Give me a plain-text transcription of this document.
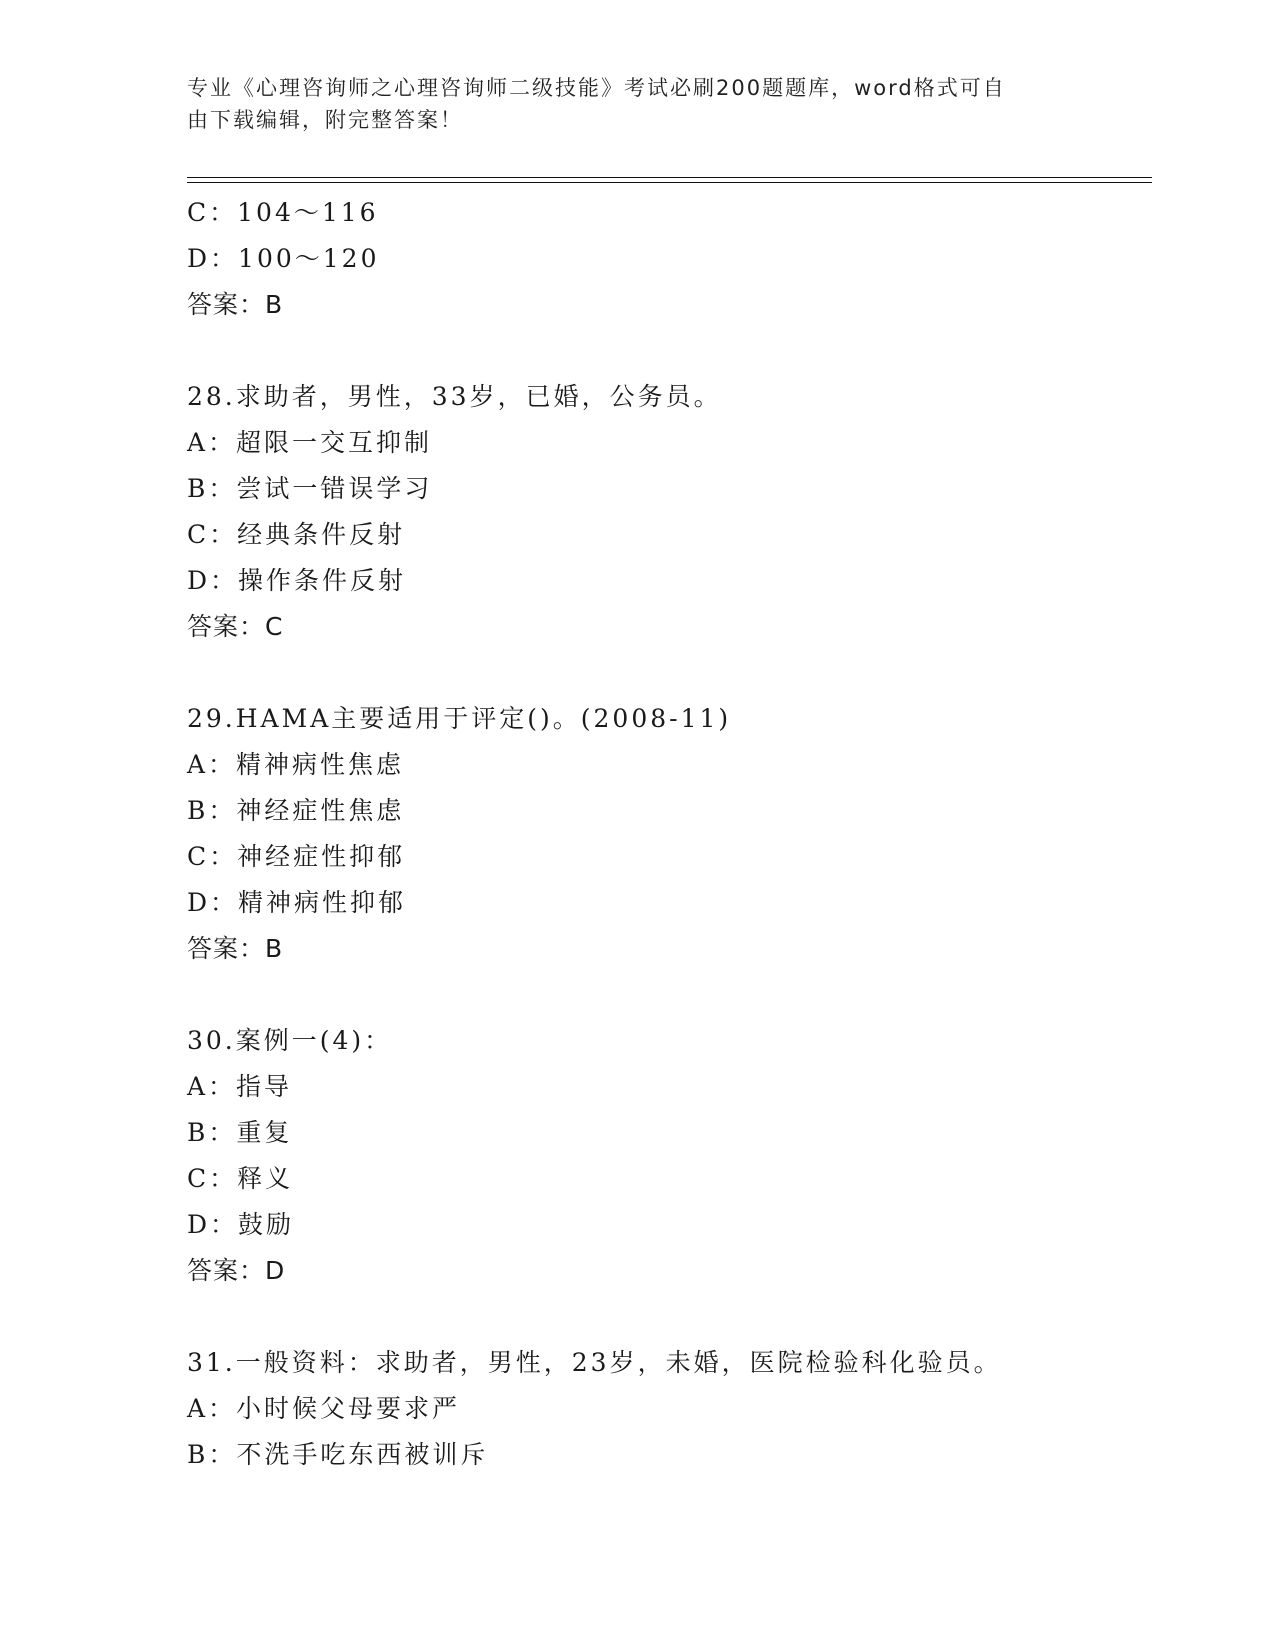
专业《心理咨询师之心理咨询师二级技能》考试必刷200题题库，word格式可自
由下载编辑，附完整答案！
C：104～116
D：100～120
答案：B
28.求助者，男性，33岁，已婚，公务员。
A：超限一交互抑制
B：尝试一错误学习
C：经典条件反射
D：操作条件反射
答案：C
29.HAMA主要适用于评定()。(2008-11)
A：精神病性焦虑
B：神经症性焦虑
C：神经症性抑郁
D：精神病性抑郁
答案：B
30.案例一(4)：
A：指导
B：重复
C：释义
D：鼓励
答案：D
31.一般资料：求助者，男性，23岁，未婚，医院检验科化验员。
A：小时候父母要求严
B：不洗手吃东西被训斥
